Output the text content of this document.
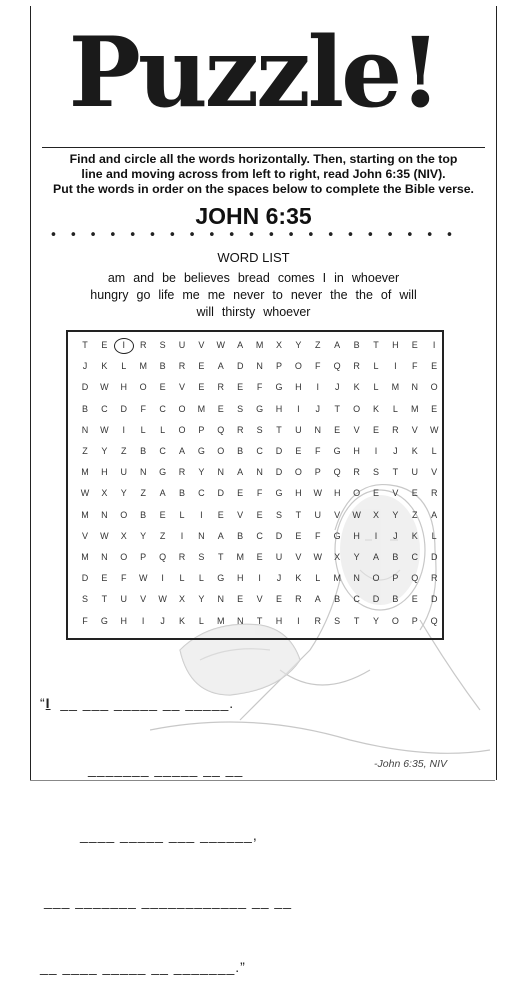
Puzzle!
Find and circle all the words horizontally. Then, starting on the top
line and moving across from left to right, read John 6:35 (NIV).
Put the words in order on the spaces below to complete the Bible verse.
JOHN 6:35
• • • • • • • • • • • • • • • • • • • • •
WORD LIST
am and be believes bread comes I in whoever
hungry go life me me never to never the the of will
will thirsty whoever
T	E	I	R	S	U	V	W	A	M	X	Y	Z	A	B	T	H	E	I
J	K	L	M	B	R	E	A	D	N	P	O	F	Q	R	L	I	F	E
D	W	H	O	E	V	E	R	E	F	G	H	I	J	K	L	M	N	O
B	C	D	F	C	O	M	E	S	G	H	I	J	T	O	K	L	M	E
N	W	I	L	L	O	P	Q	R	S	T	U	N	E	V	E	R	V	W
Z	Y	Z	B	C	A	G	O	B	C	D	E	F	G	H	I	J	K	L
M	H	U	N	G	R	Y	N	A	N	D	O	P	Q	R	S	T	U	V
W	X	Y	Z	A	B	C	D	E	F	G	H	W	H	O	E	V	E	R
M	N	O	B	E	L	I	E	V	E	S	T	U	V	W	X	Y	Z	A
V	W	X	Y	Z	I	N	A	B	C	D	E	F	G	H	I	J	K	L
M	N	O	P	Q	R	S	T	M	E	U	V	W	X	Y	A	B	C	D
D	E	F	W	I	L	L	G	H	I	J	K	L	M	N	O	P	Q	R
S	T	U	V	W	X	Y	N	E	V	E	R	A	B	C	D	B	E	D
F	G	H	I	J	K	L	M	N	T	H	I	R	S	T	Y	O	P	Q

“I  __ ___ _____ __ _____.

_______ _____ __ __

____ _____ ___ ______,

___ _______ ____________ __ __

__ ____ _____ __ _______.”

-John 6:35, NIV
